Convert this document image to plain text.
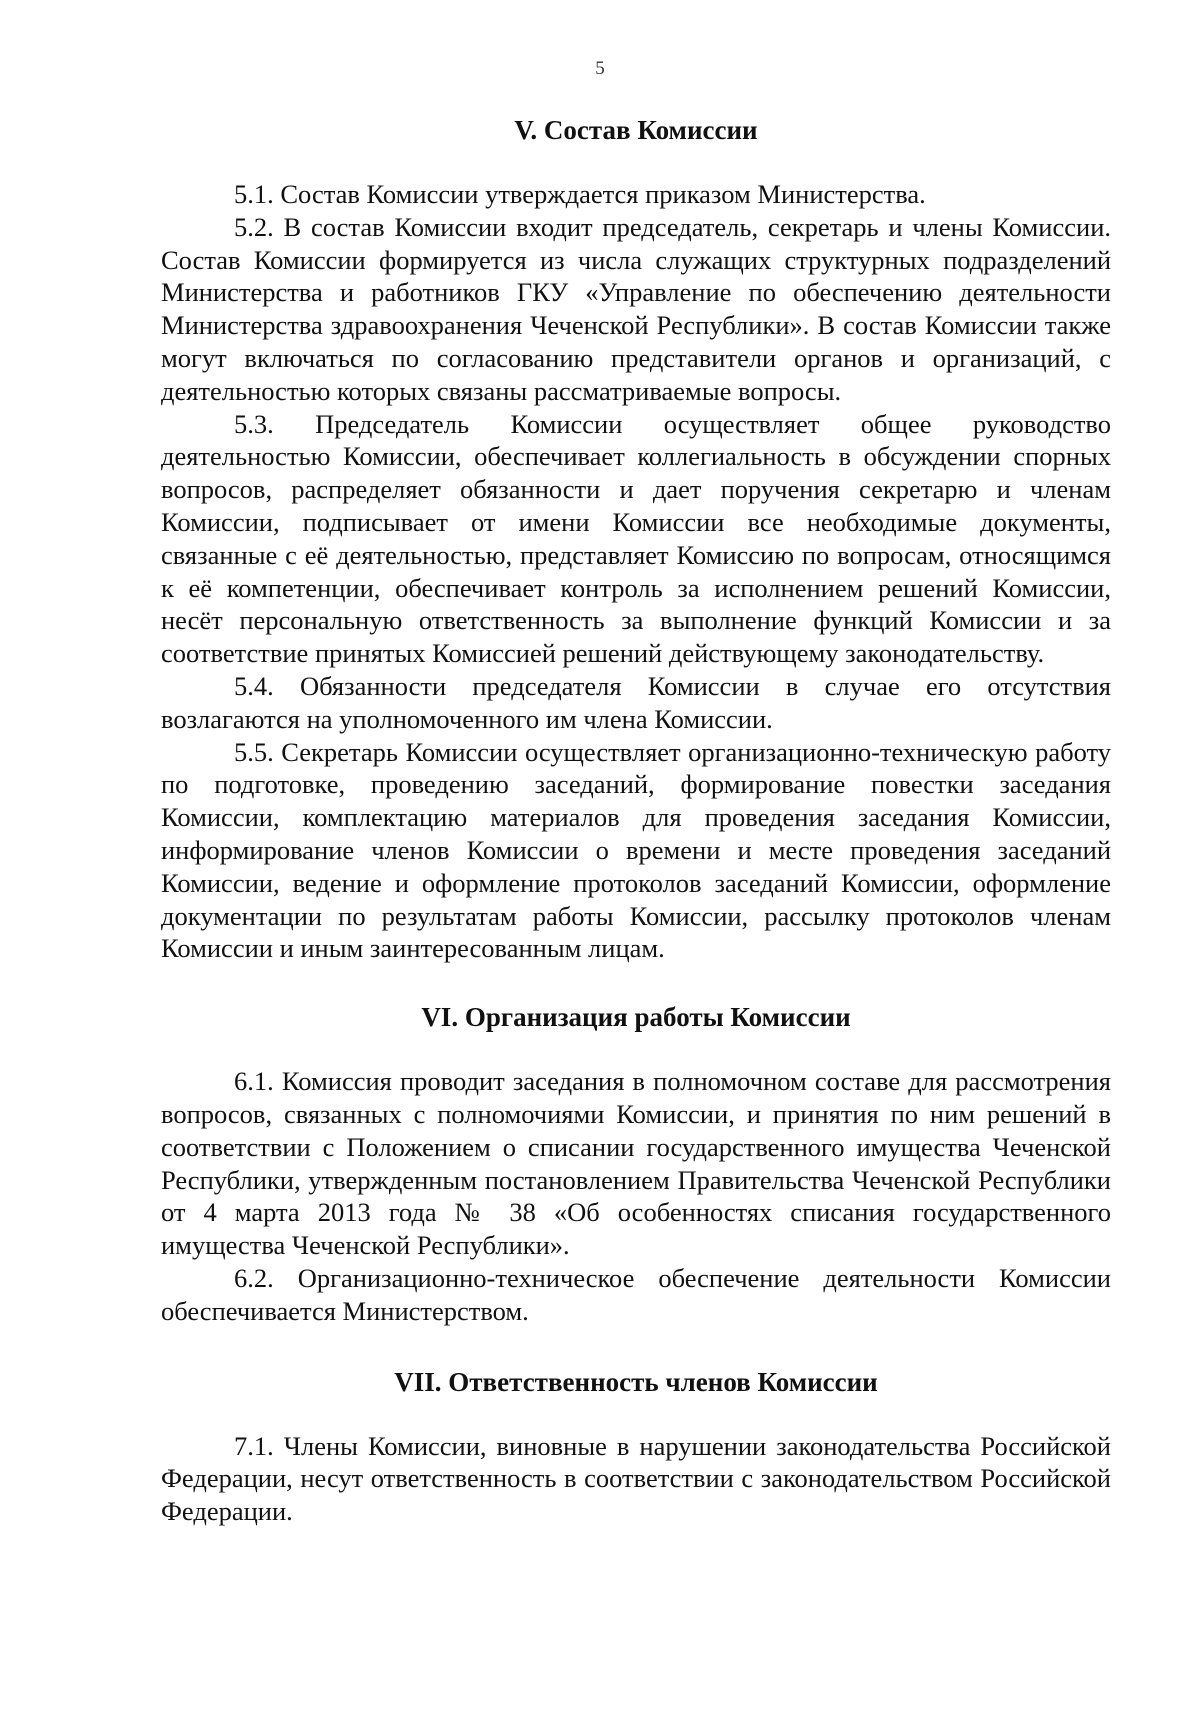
5
V. Состав Комиссии

5.1. Состав Комиссии утверждается приказом Министерства.

5.2. В состав Комиссии входит председатель, секретарь и члены Комиссии. Состав Комиссии формируется из числа служащих структурных подразделений Министерства и работников ГКУ «Управление по обеспечению деятельности Министерства здравоохранения Чеченской Республики». В состав Комиссии также могут включаться по согласованию представители органов и организаций, с деятельностью которых связаны рассматриваемые вопросы.

5.3. Председатель Комиссии осуществляет общее руководство деятельностью Комиссии, обеспечивает коллегиальность в обсуждении спорных вопросов, распределяет обязанности и дает поручения секретарю и членам Комиссии, подписывает от имени Комиссии все необходимые документы, связанные с её деятельностью, представляет Комиссию по вопросам, относящимся к её компетенции, обеспечивает контроль за исполнением решений Комиссии, несёт персональную ответственность за выполнение функций Комиссии и за соответствие принятых Комиссией решений действующему законодательству.

5.4. Обязанности председателя Комиссии в случае его отсутствия возлагаются на уполномоченного им члена Комиссии.

5.5. Секретарь Комиссии осуществляет организационно-техническую работу по подготовке, проведению заседаний, формирование повестки заседания Комиссии, комплектацию материалов для проведения заседания Комиссии, информирование членов Комиссии о времени и месте проведения заседаний Комиссии, ведение и оформление протоколов заседаний Комиссии, оформление документации по результатам работы Комиссии, рассылку протоколов членам Комиссии и иным заинтересованным лицам.

VI. Организация работы Комиссии

6.1. Комиссия проводит заседания в полномочном составе для рассмотрения вопросов, связанных с полномочиями Комиссии, и принятия по ним решений в соответствии с Положением о списании государственного имущества Чеченской Республики, утвержденным постановлением Правительства Чеченской Республики от 4 марта 2013 года № 38 «Об особенностях списания государственного имущества Чеченской Республики».

6.2. Организационно-техническое обеспечение деятельности Комиссии обеспечивается Министерством.

VII. Ответственность членов Комиссии

7.1. Члены Комиссии, виновные в нарушении законодательства Российской Федерации, несут ответственность в соответствии с законодательством Российской Федерации.
